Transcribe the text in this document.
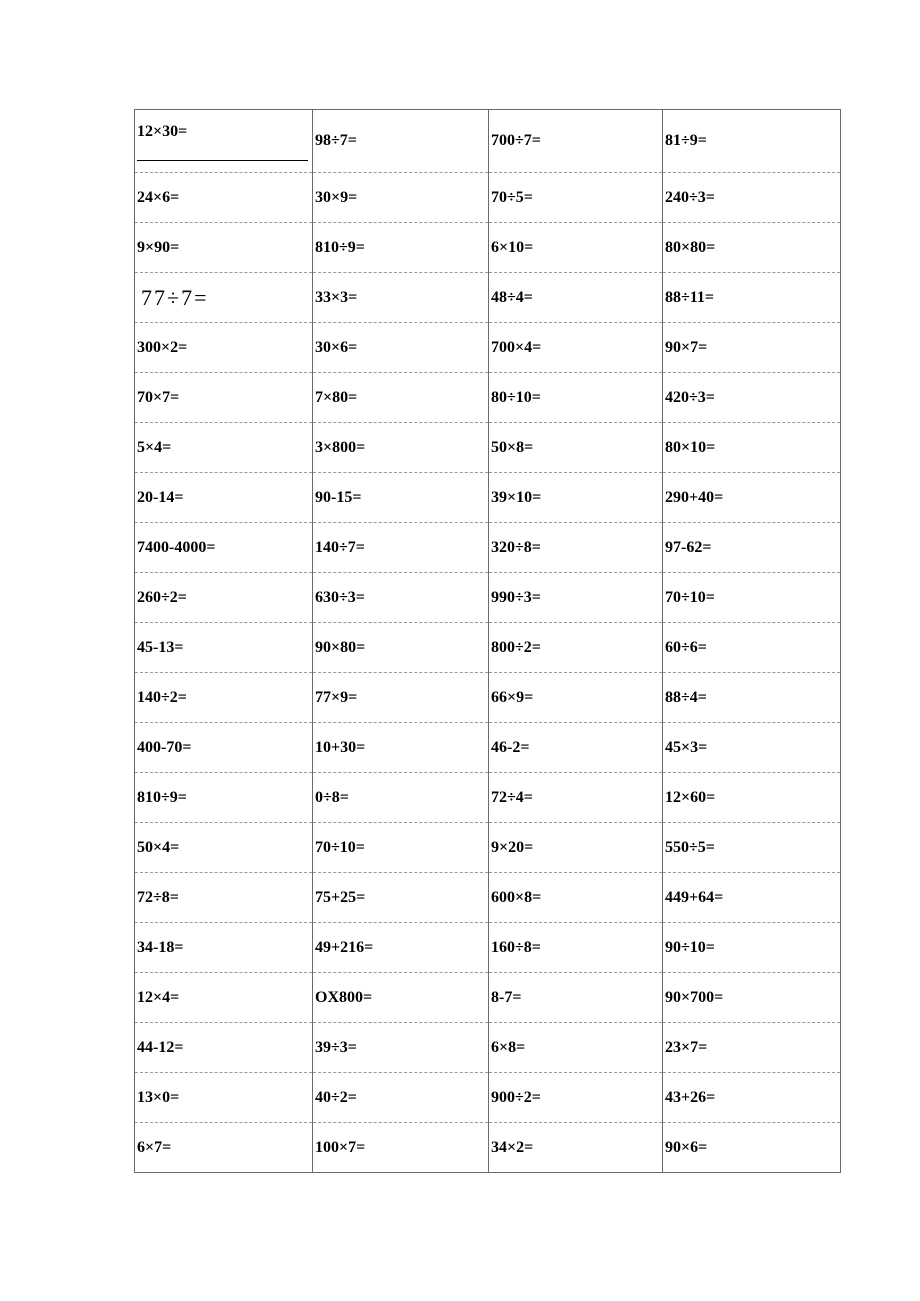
12×30=	98÷7=	700÷7=	81÷9=
24×6=	30×9=	70÷5=	240÷3=
9×90=	810÷9=	6×10=	80×80=
77÷7=	33×3=	48÷4=	88÷11=
300×2=	30×6=	700×4=	90×7=
70×7=	7×80=	80÷10=	420÷3=
5×4=	3×800=	50×8=	80×10=
20-14=	90-15=	39×10=	290+40=
7400-4000=	140÷7=	320÷8=	97-62=
260÷2=	630÷3=	990÷3=	70÷10=
45-13=	90×80=	800÷2=	60÷6=
140÷2=	77×9=	66×9=	88÷4=
400-70=	10+30=	46-2=	45×3=
810÷9=	0÷8=	72÷4=	12×60=
50×4=	70÷10=	9×20=	550÷5=
72÷8=	75+25=	600×8=	449+64=
34-18=	49+216=	160÷8=	90÷10=
12×4=	OX800=	8-7=	90×700=
44-12=	39÷3=	6×8=	23×7=
13×0=	40÷2=	900÷2=	43+26=
6×7=	100×7=	34×2=	90×6=
